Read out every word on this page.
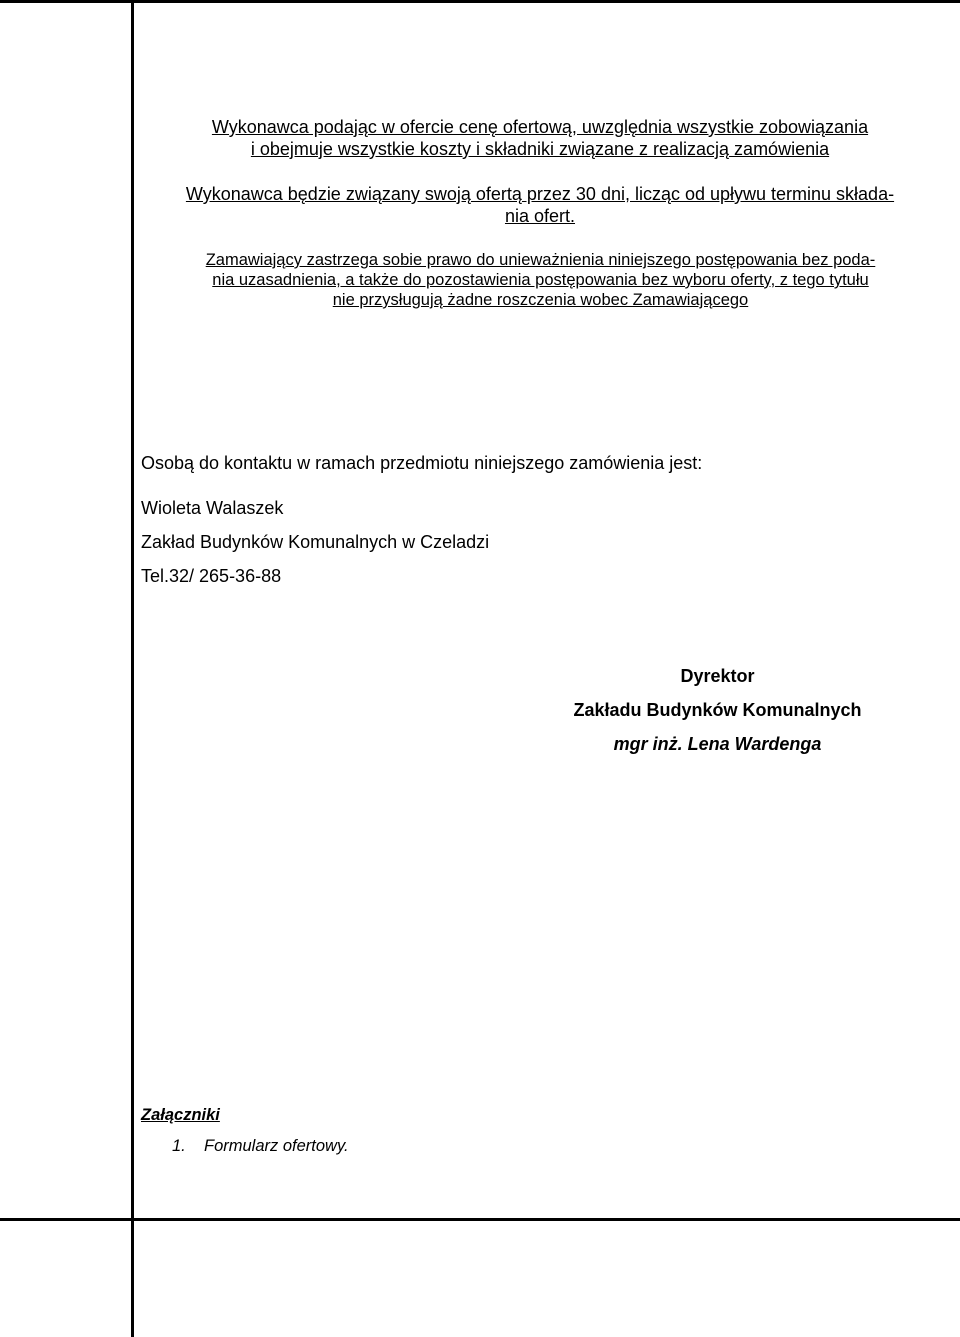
Wykonawca podając w ofercie cenę ofertową, uwzględnia wszystkie zobowiązania
i obejmuje wszystkie koszty i składniki związane z realizacją zamówienia
Wykonawca będzie związany swoją ofertą przez 30 dni, licząc od upływu terminu składa-
nia ofert.
Zamawiający zastrzega sobie prawo do unieważnienia niniejszego postępowania bez poda-
nia uzasadnienia, a także do pozostawienia postępowania bez wyboru oferty, z tego tytułu
nie przysługują żadne roszczenia wobec Zamawiającego
Osobą do kontaktu w ramach przedmiotu niniejszego zamówienia jest:
Wioleta Walaszek
Zakład Budynków Komunalnych w Czeladzi
Tel.32/ 265-36-88
Dyrektor
Zakładu Budynków Komunalnych
mgr inż. Lena Wardenga
Załączniki
1. Formularz ofertowy.
